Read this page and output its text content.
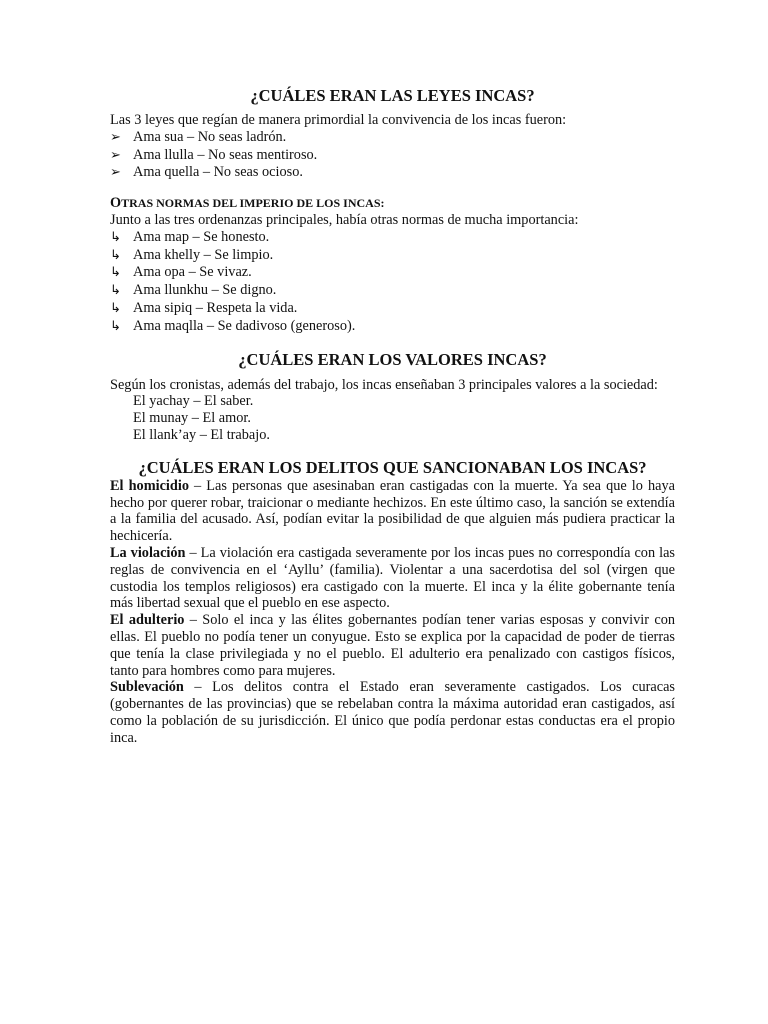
¿CUÁLES ERAN LAS LEYES INCAS?

Las 3 leyes que regían de manera primordial la convivencia de los incas fueron:

➢ Ama sua – No seas ladrón.
➢ Ama llulla – No seas mentiroso.
➢ Ama quella – No seas ocioso.
OTRAS NORMAS DEL IMPERIO DE LOS INCAS:

Junto a las tres ordenanzas principales, había otras normas de mucha importancia:

↳ Ama map – Se honesto.
↳ Ama khelly – Se limpio.
↳ Ama opa – Se vivaz.
↳ Ama llunkhu – Se digno.
↳ Ama sipiq – Respeta la vida.
↳ Ama maqlla – Se dadivoso (generoso).
¿CUÁLES ERAN LOS VALORES INCAS?

Según los cronistas, además del trabajo, los incas enseñaban 3 principales valores a la sociedad:

El yachay – El saber.
El munay – El amor.
El llank’ay – El trabajo.
¿CUÁLES ERAN LOS DELITOS QUE SANCIONABAN LOS INCAS?

El homicidio – Las personas que asesinaban eran castigadas con la muerte. Ya sea que lo haya hecho por querer robar, traicionar o mediante hechizos. En este último caso, la sanción se extendía a la familia del acusado. Así, podían evitar la posibilidad de que alguien más pudiera practicar la hechicería.

La violación – La violación era castigada severamente por los incas pues no correspondía con las reglas de convivencia en el ‘Ayllu’ (familia). Violentar a una sacerdotisa del sol (virgen que custodia los templos religiosos) era castigado con la muerte. El inca y la élite gobernante tenía más libertad sexual que el pueblo en ese aspecto.

El adulterio – Solo el inca y las élites gobernantes podían tener varias esposas y convivir con ellas. El pueblo no podía tener un conyugue. Esto se explica por la capacidad de poder de tierras que tenía la clase privilegiada y no el pueblo. El adulterio era penalizado con castigos físicos, tanto para hombres como para mujeres.

Sublevación – Los delitos contra el Estado eran severamente castigados. Los curacas (gobernantes de las provincias) que se rebelaban contra la máxima autoridad eran castigados, así como la población de su jurisdicción. El único que podía perdonar estas conductas era el propio inca.
